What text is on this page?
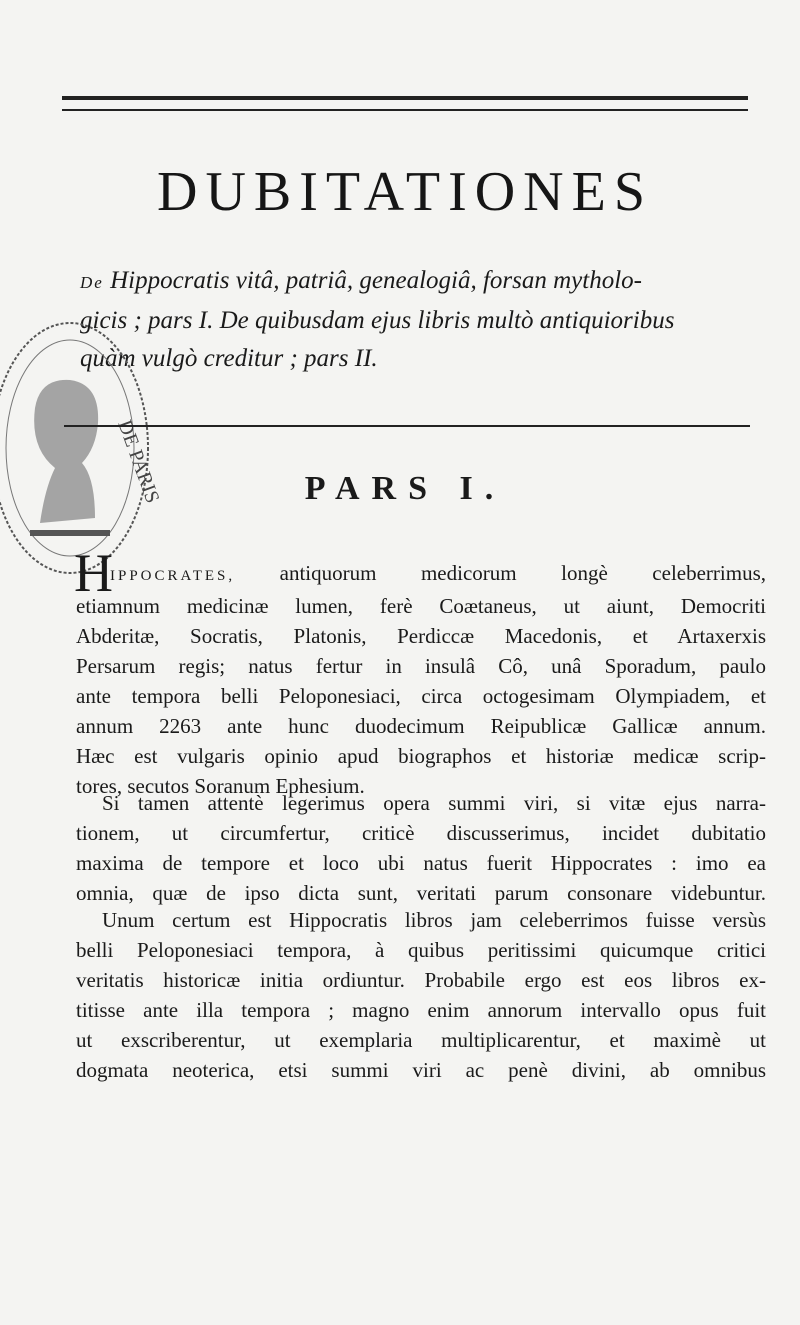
DUBITATIONES

De Hippocratis vitâ, patriâ, genealogiâ, forsan mytholo-
gicis ; pars I. De quibusdam ejus libris multò antiquioribus
quàm vulgò creditur ; pars II.

DE PARIS	PARS I.
H
IPPOCRATES, antiquorum medicorum longè celeberrimus,
etiamnum medicinæ lumen, ferè Coætaneus, ut aiunt, Democriti
Abderitæ, Socratis, Platonis, Perdiccæ Macedonis, et Artaxerxis
Persarum regis; natus fertur in insulâ Cô, unâ Sporadum, paulo
ante tempora belli Peloponesiaci, circa octogesimam Olympiadem, et
annum 2263 ante hunc duodecimum Reipublicæ Gallicæ annum.
Hæc est vulgaris opinio apud biographos et historiæ medicæ scrip-
tores, secutos Soranum Ephesium.
Si tamen attentè legerimus opera summi viri, si vitæ ejus narra-
tionem, ut circumfertur, criticè discusserimus, incidet dubitatio
maxima de tempore et loco ubi natus fuerit Hippocrates : imo ea
omnia, quæ de ipso dicta sunt, veritati parum consonare videbuntur.
Unum certum est Hippocratis libros jam celeberrimos fuisse versùs
belli Peloponesiaci tempora, à quibus peritissimi quicumque critici
veritatis historicæ initia ordiuntur. Probabile ergo est eos libros ex-
titisse ante illa tempora ; magno enim annorum intervallo opus fuit
ut exscriberentur, ut exemplaria multiplicarentur, et maximè ut
dogmata neoterica, etsi summi viri ac penè divini, ab omnibus
